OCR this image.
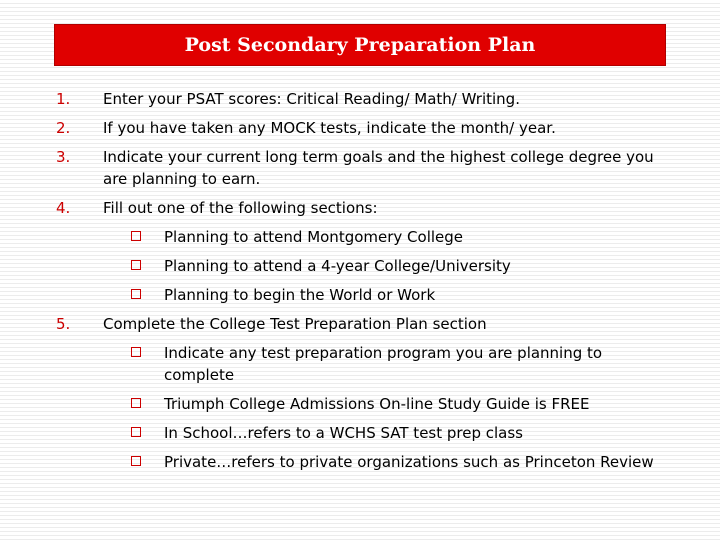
Post Secondary Preparation Plan
1. Enter your PSAT scores: Critical Reading/ Math/ Writing.
2. If you have taken any MOCK tests, indicate the month/ year.
3. Indicate your current long term goals and the highest college degree you are planning to earn.
4. Fill out one of the following sections:
Planning to attend Montgomery College
Planning to attend a 4-year College/University
Planning to begin the World or Work
5. Complete the College Test Preparation Plan section
Indicate any test preparation program you are planning to complete
Triumph College Admissions On-line Study Guide is FREE
In School…refers to a WCHS SAT test prep class
Private…refers to private organizations such as Princeton Review
